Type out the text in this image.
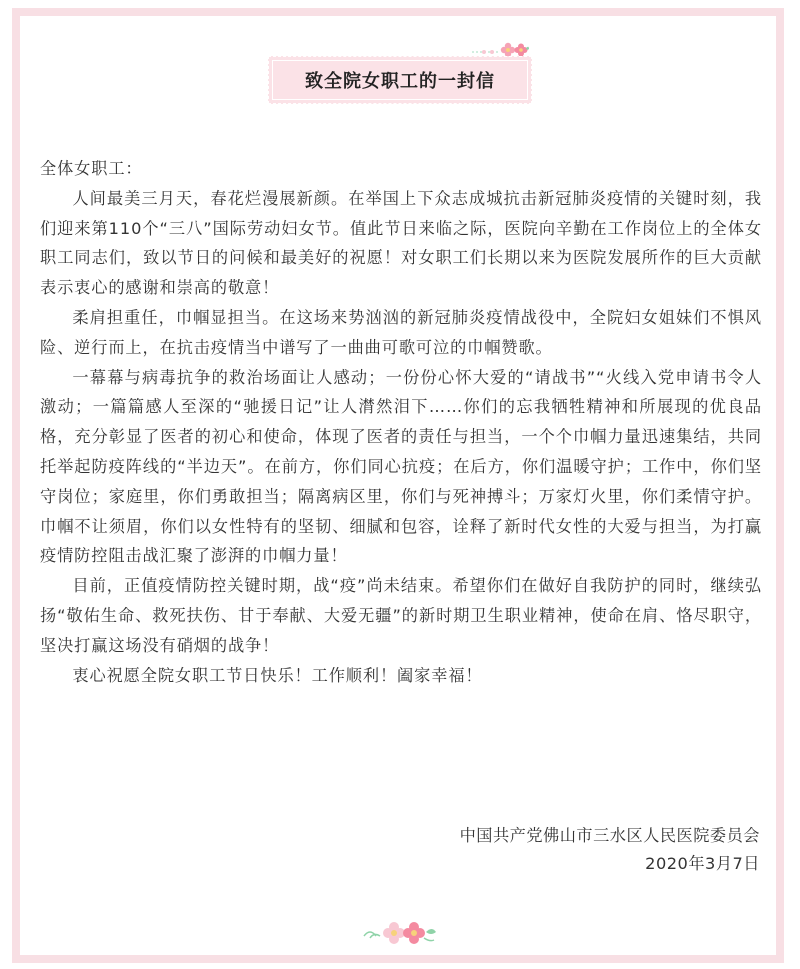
致全院女职工的一封信

全体女职工：

人间最美三月天，春花烂漫展新颜。在举国上下众志成城抗击新冠肺炎疫情的关键时刻，我们迎来第110个“三八”国际劳动妇女节。值此节日来临之际，医院向辛勤在工作岗位上的全体女职工同志们，致以节日的问候和最美好的祝愿！对女职工们长期以来为医院发展所作的巨大贡献表示衷心的感谢和崇高的敬意！

柔肩担重任，巾帼显担当。在这场来势汹汹的新冠肺炎疫情战役中，全院妇女姐妹们不惧风险、逆行而上，在抗击疫情当中谱写了一曲曲可歌可泣的巾帼赞歌。

一幕幕与病毒抗争的救治场面让人感动；一份份心怀大爱的“请战书”“火线入党申请书令人激动；一篇篇感人至深的“驰援日记”让人潸然泪下……你们的忘我牺牲精神和所展现的优良品格，充分彰显了医者的初心和使命，体现了医者的责任与担当，一个个巾帼力量迅速集结，共同托举起防疫阵线的“半边天”。在前方，你们同心抗疫；在后方，你们温暖守护；工作中，你们坚守岗位；家庭里，你们勇敢担当；隔离病区里，你们与死神搏斗；万家灯火里，你们柔情守护。巾帼不让须眉，你们以女性特有的坚韧、细腻和包容，诠释了新时代女性的大爱与担当，为打赢疫情防控阻击战汇聚了澎湃的巾帼力量！

目前，正值疫情防控关键时期，战“疫”尚未结束。希望你们在做好自我防护的同时，继续弘扬“敬佑生命、救死扶伤、甘于奉献、大爱无疆”的新时期卫生职业精神，使命在肩、恪尽职守，坚决打赢这场没有硝烟的战争！

衷心祝愿全院女职工节日快乐！工作顺利！阖家幸福！

中国共产党佛山市三水区人民医院委员会
2020年3月7日
